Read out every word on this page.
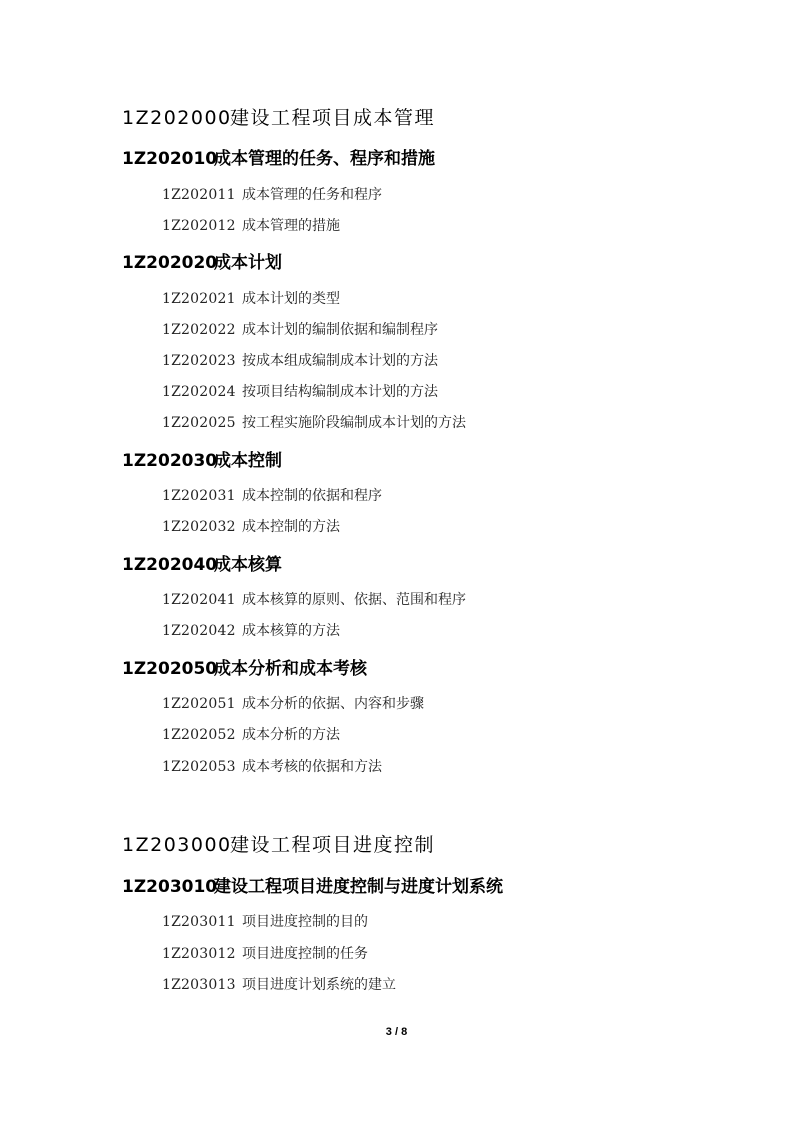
1Z202000建设工程项目成本管理
1Z202010成本管理的任务、程序和措施
1Z202011 成本管理的任务和程序
1Z202012 成本管理的措施
1Z202020成本计划
1Z202021 成本计划的类型
1Z202022 成本计划的编制依据和编制程序
1Z202023 按成本组成编制成本计划的方法
1Z202024 按项目结构编制成本计划的方法
1Z202025 按工程实施阶段编制成本计划的方法
1Z202030成本控制
1Z202031 成本控制的依据和程序
1Z202032 成本控制的方法
1Z202040成本核算
1Z202041 成本核算的原则、依据、范围和程序
1Z202042 成本核算的方法
1Z202050成本分析和成本考核
1Z202051 成本分析的依据、内容和步骤
1Z202052 成本分析的方法
1Z202053 成本考核的依据和方法
1Z203000建设工程项目进度控制
1Z203010建设工程项目进度控制与进度计划系统
1Z203011 项目进度控制的目的
1Z203012 项目进度控制的任务
1Z203013 项目进度计划系统的建立
3 / 8
